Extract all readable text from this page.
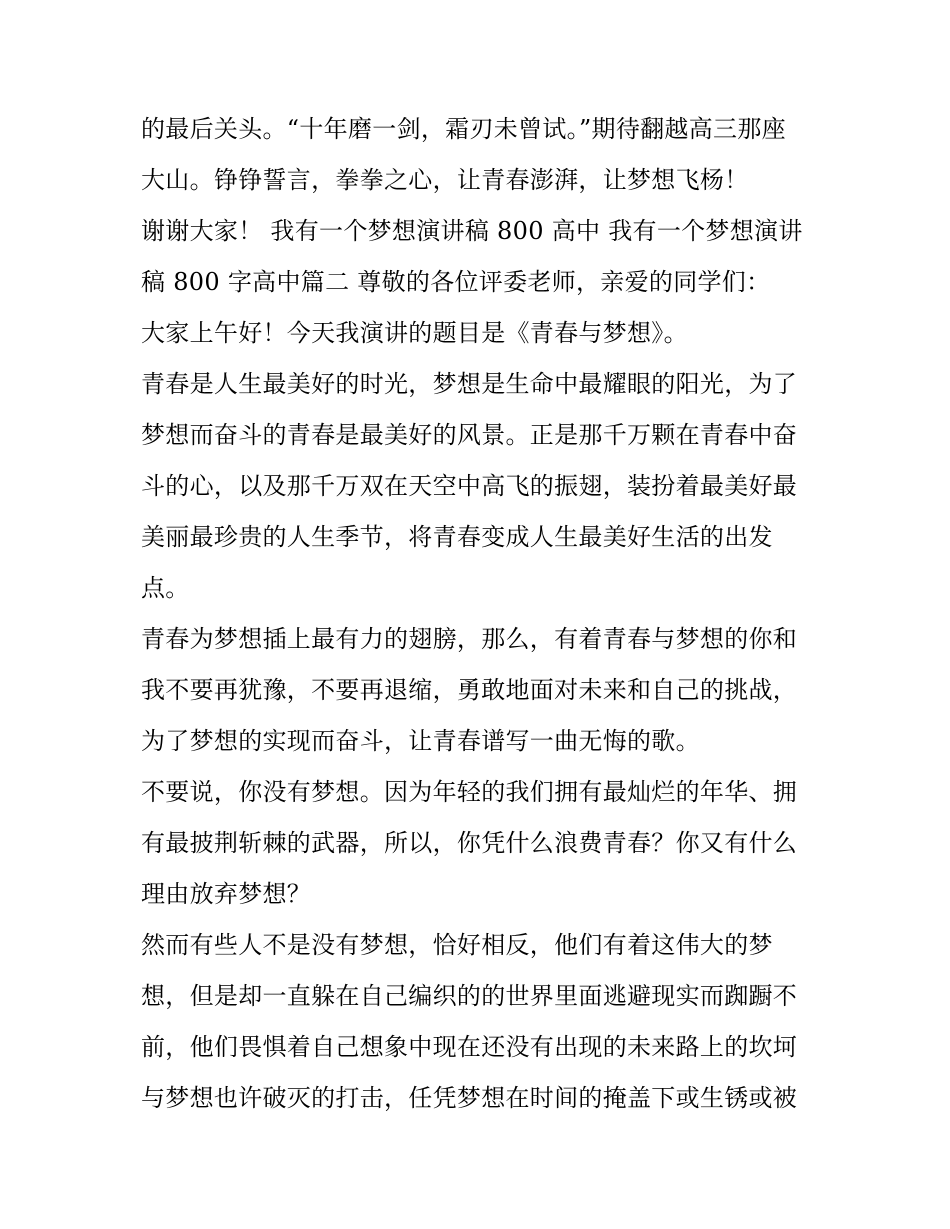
的最后关头。“十年磨一剑，霜刃未曾试。”期待翻越高三那座
大山。铮铮誓言，拳拳之心，让青春澎湃，让梦想飞杨！
谢谢大家！ 我有一个梦想演讲稿 800 高中 我有一个梦想演讲
稿 800 字高中篇二 尊敬的各位评委老师，亲爱的同学们：
大家上午好！今天我演讲的题目是《青春与梦想》。
青春是人生最美好的时光，梦想是生命中最耀眼的阳光，为了
梦想而奋斗的青春是最美好的风景。正是那千万颗在青春中奋
斗的心，以及那千万双在天空中高飞的振翅，装扮着最美好最
美丽最珍贵的人生季节，将青春变成人生最美好生活的出发
点。
青春为梦想插上最有力的翅膀，那么，有着青春与梦想的你和
我不要再犹豫，不要再退缩，勇敢地面对未来和自己的挑战，
为了梦想的实现而奋斗，让青春谱写一曲无悔的歌。
不要说，你没有梦想。因为年轻的我们拥有最灿烂的年华、拥
有最披荆斩棘的武器，所以，你凭什么浪费青春？你又有什么
理由放弃梦想？
然而有些人不是没有梦想，恰好相反，他们有着这伟大的梦
想，但是却一直躲在自己编织的的世界里面逃避现实而踟蹰不
前，他们畏惧着自己想象中现在还没有出现的未来路上的坎坷
与梦想也许破灭的打击，任凭梦想在时间的掩盖下或生锈或被
